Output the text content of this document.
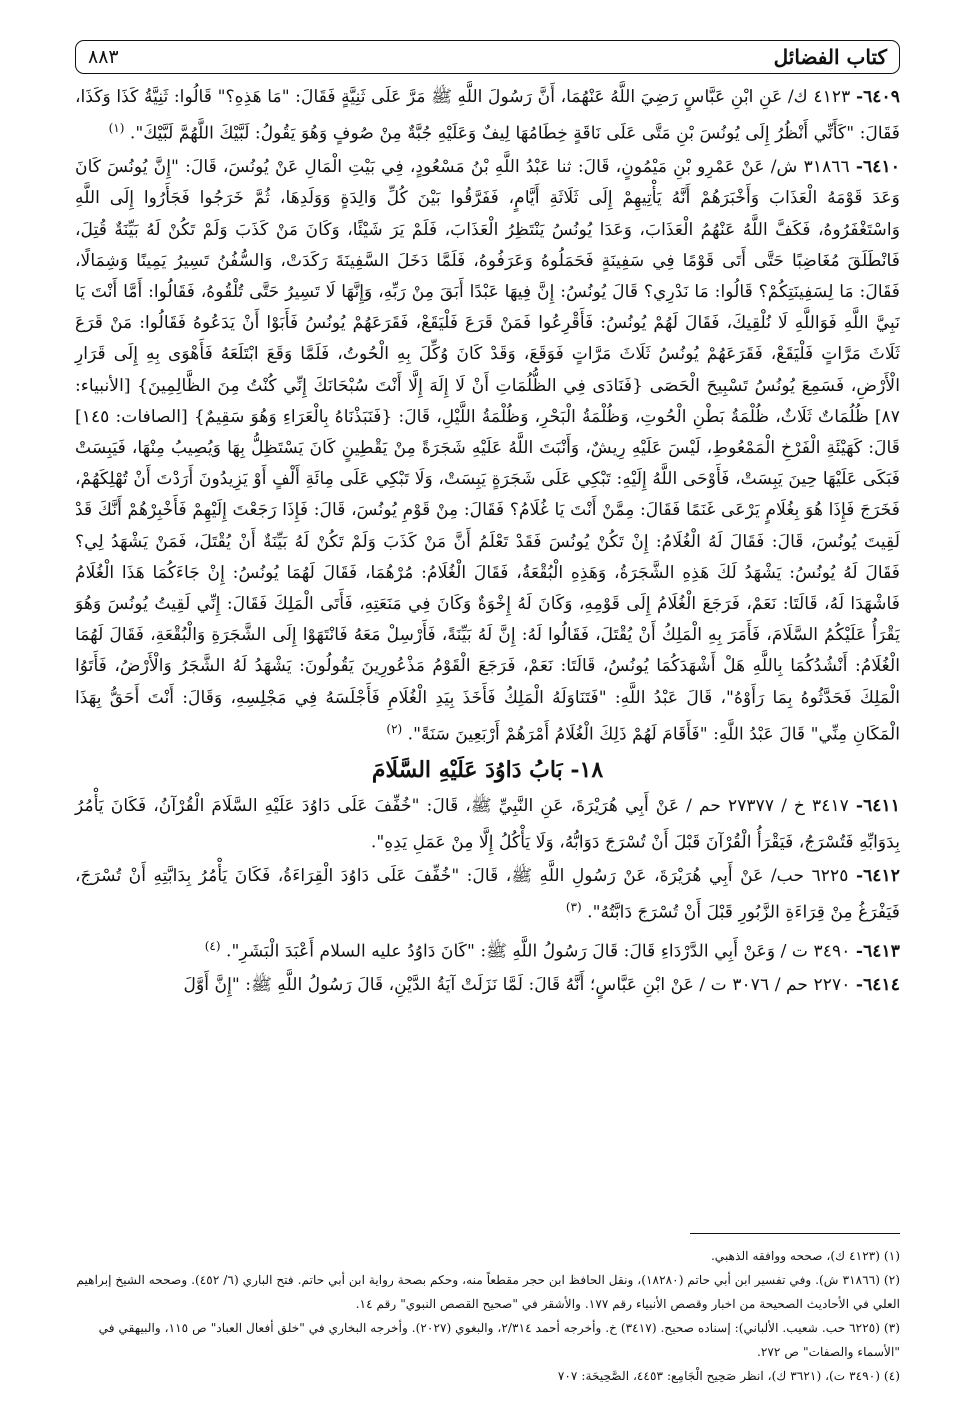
كتاب الفضائل
٨٨٣

٦٤٠٩- ٤١٢٣ ك/ عَنِ ابْنِ عَبَّاسٍ رَضِيَ اللَّهُ عَنْهُمَا، أَنَّ رَسُولَ اللَّهِ ﷺ مَرَّ عَلَى ثَنِيَّةٍ فَقَالَ: "مَا هَذِهِ؟" قَالُوا: ثَنِيَّةُ كَذَا وَكَذَا، فَقَالَ: "كَأَنِّي أَنْظُرُ إِلَى يُونُسَ بْنِ مَتَّى عَلَى نَاقَةٍ خِطَامُهَا لِيفٌ وَعَلَيْهِ جُبَّةٌ مِنْ صُوفٍ وَهُوَ يَقُولُ: لَبَّيْكَ اللَّهُمَّ لَبَّيْكَ". $^{(١)}$

٦٤١٠- ٣١٨٦٦ ش/ عَنْ عَمْرِو بْنِ مَيْمُونٍ، قَالَ: ثنا عَبْدُ اللَّهِ بْنُ مَسْعُودٍ، فِي بَيْتِ الْمَالِ عَنْ يُونُسَ، قَالَ: "إِنَّ يُونُسَ كَانَ وَعَدَ قَوْمَهُ الْعَذَابَ وَأَخْبَرَهُمْ أَنَّهُ يَأْتِيهِمْ إِلَى ثَلَاثَةِ أَيَّامٍ، فَفَرَّقُوا بَيْنَ كُلِّ وَالِدَةٍ وَوَلَدِهَا، ثُمَّ خَرَجُوا فَجَأَرُوا إِلَى اللَّهِ وَاسْتَغْفَرُوهُ، فَكَفَّ اللَّهُ عَنْهُمُ الْعَذَابَ، وَعَدَا يُونُسُ يَنْتَظِرُ الْعَذَابَ، فَلَمْ يَرَ شَيْئًا، وَكَانَ مَنْ كَذَبَ وَلَمْ تَكُنْ لَهُ بَيِّنَةٌ قُتِلَ، فَانْطَلَقَ مُغَاضِبًا حَتَّى أَتَى قَوْمًا فِي سَفِينَةٍ فَحَمَلُوهُ وَعَرَفُوهُ، فَلَمَّا دَخَلَ السَّفِينَةَ رَكَدَتْ، وَالسُّفُنُ تَسِيرُ يَمِينًا وَشِمَالًا، فَقَالَ: مَا لِسَفِينَتِكُمْ؟ قَالُوا: مَا نَدْرِي؟ قَالَ يُونُسُ: إِنَّ فِيهَا عَبْدًا أَبَقَ مِنْ رَبِّهِ، وَإِنَّهَا لَا تَسِيرُ حَتَّى تُلْقُوهُ، فَقَالُوا: أَمَّا أَنْتَ يَا نَبِيَّ اللَّهِ فَوَاللَّهِ لَا نُلْقِيكَ، فَقَالَ لَهُمْ يُونُسُ: فَأَقْرِعُوا فَمَنْ قَرَعَ فَلْيَقَعْ، فَقَرَعَهُمْ يُونُسُ فَأَبَوْا أَنْ يَدَعُوهُ فَقَالُوا: مَنْ قَرَعَ ثَلَاثَ مَرَّاتٍ فَلْيَقَعْ، فَقَرَعَهُمْ يُونُسُ ثَلَاثَ مَرَّاتٍ فَوَقَعَ، وَقَدْ كَانَ وُكِّلَ بِهِ الْحُوتُ، فَلَمَّا وَقَعَ ابْتَلَعَهُ فَأَهْوَى بِهِ إِلَى قَرَارِ الْأَرْضِ، فَسَمِعَ يُونُسُ تَسْبِيحَ الْحَصَى {فَنَادَى فِي الظُّلُمَاتِ أَنْ لَا إِلَهَ إِلَّا أَنْتَ سُبْحَانَكَ إِنِّي كُنْتُ مِنَ الظَّالِمِينَ} [الأنبياء: ٨٧] ظُلُمَاتٌ ثَلَاثٌ، ظُلْمَةُ بَطْنِ الْحُوتِ، وَظُلْمَةُ الْبَحْرِ، وَظُلْمَةُ اللَّيْلِ، قَالَ: {فَنَبَذْنَاهُ بِالْعَرَاءِ وَهُوَ سَقِيمٌ} [الصافات: ١٤٥] قَالَ: كَهَيْئَةِ الْفَرْخِ الْمَمْعُوطِ، لَيْسَ عَلَيْهِ رِيشٌ، وَأَنْبَتَ اللَّهُ عَلَيْهِ شَجَرَةً مِنْ يَقْطِينٍ كَانَ يَسْتَظِلُّ بِهَا وَيُصِيبُ مِنْهَا، فَيَبِسَتْ فَبَكَى عَلَيْهَا حِينَ يَبِسَتْ، فَأَوْحَى اللَّهُ إِلَيْهِ: تَبْكِي عَلَى شَجَرَةٍ يَبِسَتْ، وَلَا تَبْكِي عَلَى مِائَةِ أَلْفٍ أَوْ يَزِيدُونَ أَرَدْتَ أَنْ تُهْلِكَهُمْ، فَخَرَجَ فَإِذَا هُوَ بِغُلَامٍ يَرْعَى غَنَمًا فَقَالَ: مِمَّنْ أَنْتَ يَا غُلَامُ؟ فَقَالَ: مِنْ قَوْمِ يُونُسَ، قَالَ: فَإِذَا رَجَعْتَ إِلَيْهِمْ فَأَخْبِرْهُمْ أَنَّكَ قَدْ لَقِيتَ يُونُسَ، قَالَ: فَقَالَ لَهُ الْغُلَامُ: إِنْ تَكُنْ يُونُسَ فَقَدْ تَعْلَمُ أَنَّ مَنْ كَذَبَ وَلَمْ تَكُنْ لَهُ بَيِّنَةٌ أَنْ يُقْتَلَ، فَمَنْ يَشْهَدُ لِي؟ فَقَالَ لَهُ يُونُسُ: يَشْهَدُ لَكَ هَذِهِ الشَّجَرَةُ، وَهَذِهِ الْبُقْعَةُ، فَقَالَ الْغُلَامُ: مُرْهُمَا، فَقَالَ لَهُمَا يُونُسُ: إِنْ جَاءَكُمَا هَذَا الْغُلَامُ فَاشْهَدَا لَهُ، قَالَتَا: نَعَمْ، فَرَجَعَ الْغُلَامُ إِلَى قَوْمِهِ، وَكَانَ لَهُ إِخْوَةٌ وَكَانَ فِي مَنَعَتِهِ، فَأَتَى الْمَلِكَ فَقَالَ: إِنِّي لَقِيتُ يُونُسَ وَهُوَ يَقْرَأُ عَلَيْكُمُ السَّلَامَ، فَأَمَرَ بِهِ الْمَلِكُ أَنْ يُقْتَلَ، فَقَالُوا لَهُ: إِنَّ لَهُ بَيِّنَةً، فَأَرْسِلْ مَعَهُ فَانْتَهَوْا إِلَى الشَّجَرَةِ وَالْبُقْعَةِ، فَقَالَ لَهُمَا الْغُلَامُ: أَنْشُدُكُمَا بِاللَّهِ هَلْ أَشْهَدَكُمَا يُونُسُ، قَالَتَا: نَعَمْ، فَرَجَعَ الْقَوْمُ مَذْعُورِينَ يَقُولُونَ: يَشْهَدُ لَهُ الشَّجَرُ وَالْأَرْضُ، فَأَتَوُا الْمَلِكَ فَحَدَّثُوهُ بِمَا رَأَوْهُ"، قَالَ عَبْدُ اللَّهِ: "فَتَنَاوَلَهُ الْمَلِكُ فَأَخَذَ بِيَدِ الْغُلَامِ فَأَجْلَسَهُ فِي مَجْلِسِهِ، وَقَالَ: أَنْتَ أَحَقُّ بِهَذَا الْمَكَانِ مِنِّي" قَالَ عَبْدُ اللَّهِ: "فَأَقَامَ لَهُمْ ذَلِكَ الْغُلَامُ أَمْرَهُمْ أَرْبَعِينَ سَنَةً". $^{(٢)}$

١٨- بَابُ دَاوُدَ عَلَيْهِ السَّلَامَ

٦٤١١- ٣٤١٧ خ / ٢٧٣٧٧ حم / عَنْ أَبِي هُرَيْرَةَ، عَنِ النَّبِيِّ ﷺ، قَالَ: "خُفِّفَ عَلَى دَاوُدَ عَلَيْهِ السَّلَامَ الْقُرْآنُ، فَكَانَ يَأْمُرُ بِدَوَابِّهِ فَتُسْرَجُ، فَيَقْرَأُ الْقُرْآنَ قَبْلَ أَنْ تُسْرَجَ دَوَابُّهُ، وَلَا يَأْكُلُ إِلَّا مِنْ عَمَلِ يَدِهِ".

٦٤١٢- ٦٢٢٥ حب/ عَنْ أَبِي هُرَيْرَةَ، عَنْ رَسُولِ اللَّهِ ﷺ، قَالَ: "خُفِّفَ عَلَى دَاوُدَ الْقِرَاءَةُ، فَكَانَ يَأْمُرُ بِدَابَّتِهِ أَنْ تُسْرَجَ، فَيَفْرَغُ مِنْ قِرَاءَةِ الزَّبُورِ قَبْلَ أَنْ تُسْرَجَ دَابَّتُهُ". $^{(٣)}$

٦٤١٣- ٣٤٩٠ ت / وَعَنْ أَبِي الدَّرْدَاءِ قَالَ: قَالَ رَسُولُ اللَّهِ ﷺ: "كَانَ دَاوُدُ عليه السلام أَعْبَدَ الْبَشَرِ". $^{(٤)}$

٦٤١٤- ٢٢٧٠ حم / ٣٠٧٦ ت / عَنْ ابْنِ عَبَّاسٍ؛ أَنَّهُ قَالَ: لَمَّا نَزَلَتْ آيَةُ الدَّيْنِ، قَالَ رَسُولُ اللَّهِ ﷺ: "إِنَّ أَوَّلَ

(١) (٤١٢٣ ك)، صححه ووافقه الذهبي.

(٢) (٣١٨٦٦ ش). وفي تفسير ابن أبي حاتم (١٨٢٨٠)، ونقل الحافظ ابن حجر مقطعاً منه، وحكم بصحة رواية ابن أبي حاتم. فتح الباري (٦/ ٤٥٢). وصححه الشيخ إبراهيم العلي في الأحاديث الصحيحة من اخبار وقصص الأنبياء رقم ١٧٧. والأشقر في "صحيح القصص النبوي" رقم ١٤.

(٣) (٦٢٢٥ حب. شعيب. الألباني): إسناده صحيح. (٣٤١٧) خ. وأخرجه أحمد ٢/٣١٤، والبغوي (٢٠٢٧). وأخرجه البخاري في "خلق أفعال العباد" ص ١١٥، والبيهقي في "الأسماء والصفات" ص ٢٧٢.

(٤) (٣٤٩٠ ت)، (٣٦٢١ ك)، انظر صَحِيح الْجَامِع: ٤٤٥٣، الصَّحِيحَة: ٧٠٧
